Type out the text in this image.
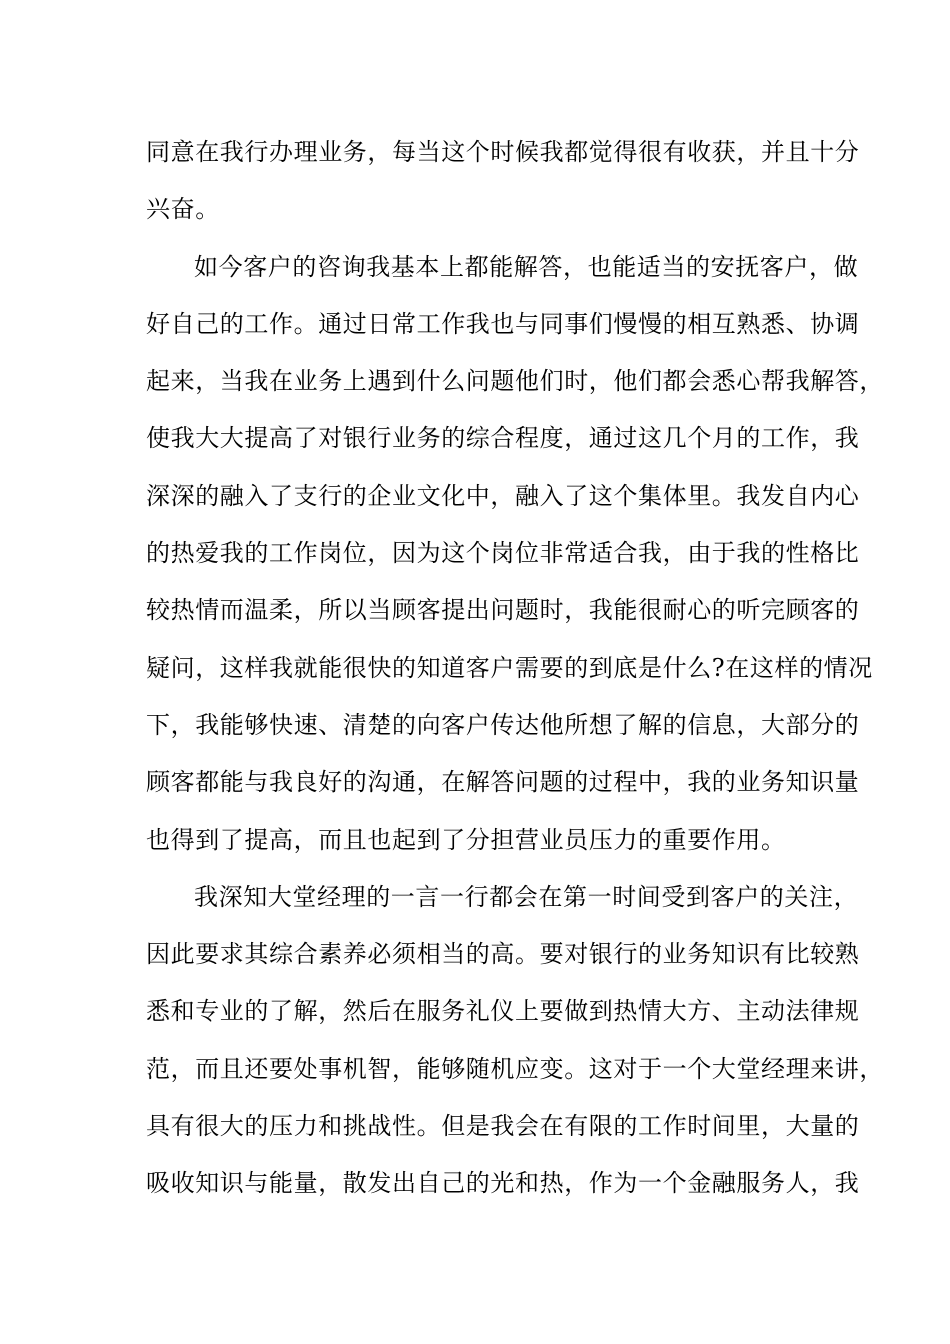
同意在我行办理业务，每当这个时候我都觉得很有收获，并且十分
兴奋。
如今客户的咨询我基本上都能解答，也能适当的安抚客户，做
好自己的工作。通过日常工作我也与同事们慢慢的相互熟悉、协调
起来，当我在业务上遇到什么问题他们时，他们都会悉心帮我解答，
使我大大提高了对银行业务的综合程度，通过这几个月的工作，我
深深的融入了支行的企业文化中，融入了这个集体里。我发自内心
的热爱我的工作岗位，因为这个岗位非常适合我，由于我的性格比
较热情而温柔，所以当顾客提出问题时，我能很耐心的听完顾客的
疑问，这样我就能很快的知道客户需要的到底是什么?在这样的情况
下，我能够快速、清楚的向客户传达他所想了解的信息，大部分的
顾客都能与我良好的沟通，在解答问题的过程中，我的业务知识量
也得到了提高，而且也起到了分担营业员压力的重要作用。
我深知大堂经理的一言一行都会在第一时间受到客户的关注，
因此要求其综合素养必须相当的高。要对银行的业务知识有比较熟
悉和专业的了解，然后在服务礼仪上要做到热情大方、主动法律规
范，而且还要处事机智，能够随机应变。这对于一个大堂经理来讲，
具有很大的压力和挑战性。但是我会在有限的工作时间里，大量的
吸收知识与能量，散发出自己的光和热，作为一个金融服务人，我
